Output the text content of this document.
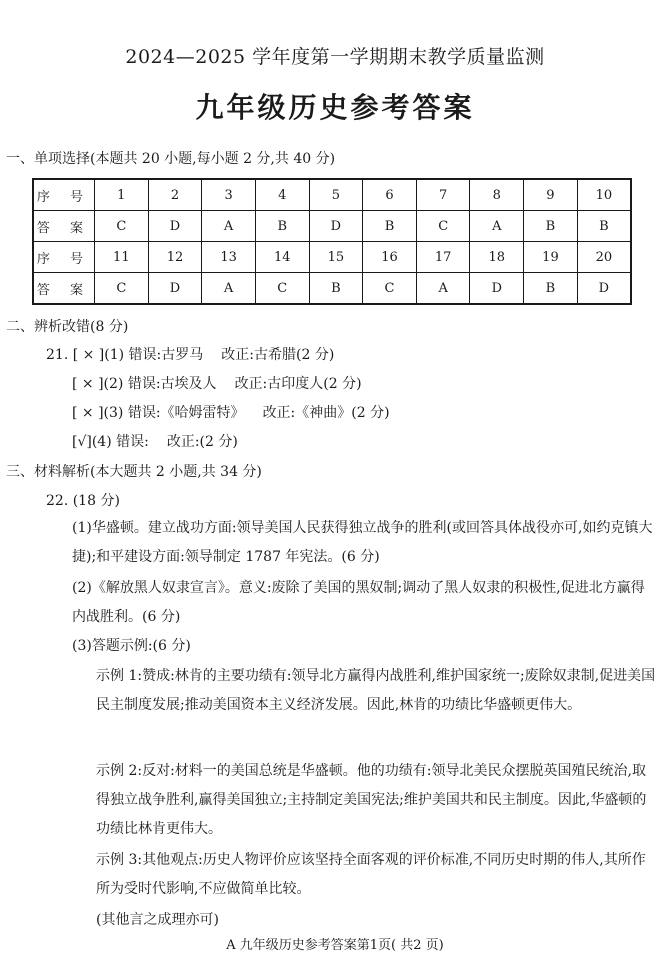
2024—2025 学年度第一学期期末教学质量监测
九年级历史参考答案
一、单项选择(本题共 20 小题,每小题 2 分,共 40 分)
序 号	1	2	3	4	5	6	7	8	9	10
答 案	C	D	A	B	D	B	C	A	B	B
序 号	11	12	13	14	15	16	17	18	19	20
答 案	C	D	A	C	B	C	A	D	B	D
二、辨析改错(8 分)
21. [ × ](1) 错误:古罗马 改正:古希腊(2 分)
[ × ](2) 错误:古埃及人 改正:古印度人(2 分)
[ × ](3) 错误:《哈姆雷特》 改正:《神曲》(2 分)
[√](4) 错误: 改正:(2 分)
三、材料解析(本大题共 2 小题,共 34 分)
22. (18 分)
(1)华盛顿。建立战功方面:领导美国人民获得独立战争的胜利(或回答具体战役亦可,如约克镇大捷);和平建设方面:领导制定 1787 年宪法。(6 分)
(2)《解放黑人奴隶宣言》。意义:废除了美国的黑奴制;调动了黑人奴隶的积极性,促进北方赢得内战胜利。(6 分)
(3)答题示例:(6 分)
示例 1:赞成:林肯的主要功绩有:领导北方赢得内战胜利,维护国家统一;废除奴隶制,促进美国民主制度发展;推动美国资本主义经济发展。因此,林肯的功绩比华盛顿更伟大。
示例 2:反对:材料一的美国总统是华盛顿。他的功绩有:领导北美民众摆脱英国殖民统治,取得独立战争胜利,赢得美国独立;主持制定美国宪法;维护美国共和民主制度。因此,华盛顿的功绩比林肯更伟大。
示例 3:其他观点:历史人物评价应该坚持全面客观的评价标准,不同历史时期的伟人,其所作所为受时代影响,不应做简单比较。
(其他言之成理亦可)
A 九年级历史参考答案第1页( 共2 页)
